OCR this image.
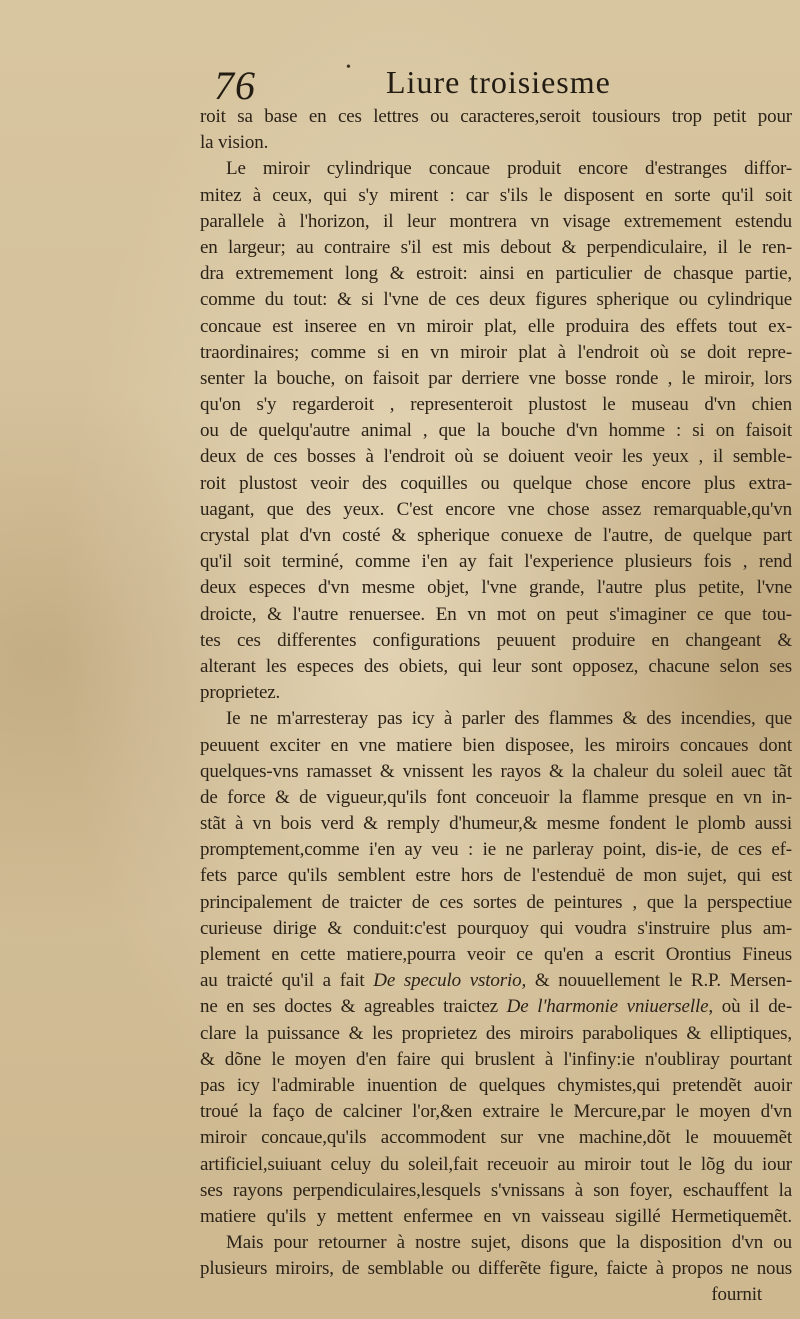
76	• Liure troisiesme
roit sa base en ces lettres ou caracteres,seroit tousiours trop petit pour
la vision.
Le miroir cylindrique concaue produit encore d'estranges diffor-
mitez à ceux, qui s'y mirent : car s'ils le disposent en sorte qu'il soit
parallele à l'horizon, il leur montrera vn visage extremement estendu
en largeur; au contraire s'il est mis debout & perpendiculaire, il le ren-
dra extremement long & estroit: ainsi en particulier de chasque partie,
comme du tout: & si l'vne de ces deux figures spherique ou cylindrique
concaue est inseree en vn miroir plat, elle produira des effets tout ex-
traordinaires; comme si en vn miroir plat à l'endroit où se doit repre-
senter la bouche, on faisoit par derriere vne bosse ronde , le miroir, lors
qu'on s'y regarderoit , representeroit plustost le museau d'vn chien
ou de quelqu'autre animal , que la bouche d'vn homme : si on faisoit
deux de ces bosses à l'endroit où se doiuent veoir les yeux , il semble-
roit plustost veoir des coquilles ou quelque chose encore plus extra-
uagant, que des yeux. C'est encore vne chose assez remarquable,qu'vn
crystal plat d'vn costé & spherique conuexe de l'autre, de quelque part
qu'il soit terminé, comme i'en ay fait l'experience plusieurs fois , rend
deux especes d'vn mesme objet, l'vne grande, l'autre plus petite, l'vne
droicte, & l'autre renuersee. En vn mot on peut s'imaginer ce que tou-
tes ces differentes configurations peuuent produire en changeant &
alterant les especes des obiets, qui leur sont opposez, chacune selon ses
proprietez.
Ie ne m'arresteray pas icy à parler des flammes & des incendies, que
peuuent exciter en vne matiere bien disposee, les miroirs concaues dont
quelques-vns ramasset & vnissent les rayos & la chaleur du soleil auec tãt
de force & de vigueur,qu'ils font conceuoir la flamme presque en vn in-
stãt à vn bois verd & remply d'humeur,& mesme fondent le plomb aussi
promptement,comme i'en ay veu : ie ne parleray point, dis-ie, de ces ef-
fets parce qu'ils semblent estre hors de l'estenduë de mon sujet, qui est
principalement de traicter de ces sortes de peintures , que la perspectiue
curieuse dirige & conduit:c'est pourquoy qui voudra s'instruire plus am-
plement en cette matiere,pourra veoir ce qu'en a escrit Orontius Fineus
au traicté qu'il a fait De speculo vstorio, & nouuellement le R.P. Mersen-
ne en ses doctes & agreables traictez De l'harmonie vniuerselle, où il de-
clare la puissance & les proprietez des miroirs paraboliques & elliptiques,
& dõne le moyen d'en faire qui bruslent à l'infiny:ie n'oubliray pourtant
pas icy l'admirable inuention de quelques chymistes,qui pretendẽt auoir
troué la faço de calciner l'or,&en extraire le Mercure,par le moyen d'vn
miroir concaue,qu'ils accommodent sur vne machine,dõt le mouuemẽt
artificiel,suiuant celuy du soleil,fait receuoir au miroir tout le lõg du iour
ses rayons perpendiculaires,lesquels s'vnissans à son foyer, eschauffent la
matiere qu'ils y mettent enfermee en vn vaisseau sigillé Hermetiquemẽt.
Mais pour retourner à nostre sujet, disons que la disposition d'vn ou
plusieurs miroirs, de semblable ou differẽte figure, faicte à propos ne nous
fournit
